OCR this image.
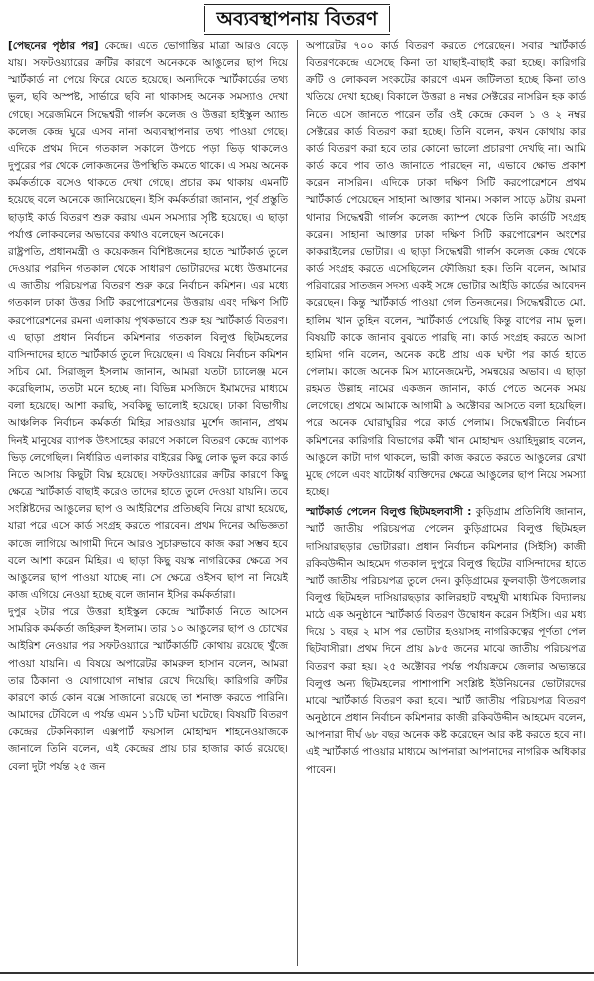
অব্যবস্থাপনায় বিতরণ

[পেছনের পৃষ্ঠার পর] কেন্দ্রে। এতে ভোগান্তির মাত্রা আরও বেড়ে যায়। সফটওয়্যারের ক্রটির কারণে অনেককে আঙুলের ছাপ দিয়ে স্মার্টকার্ড না পেয়ে ফিরে যেতে হয়েছে। অন্যদিকে স্মার্টকার্ডের তথ্য ভুল, ছবি অস্পষ্ট, সার্ভারে ছবি না থাকাসহ অনেক সমস্যাও দেখা গেছে। সরেজমিনে সিদ্ধেশ্বরী গার্লস কলেজ ও উত্তরা হাইস্কুল অ্যান্ড কলেজ কেন্দ্র ঘুরে এসব নানা অব্যবস্থাপনার তথ্য পাওয়া গেছে। এদিকে প্রথম দিনে গতকাল সকালে উপচে পড়া ভিড় থাকলেও দুপুরের পর থেকে লোকজনের উপস্থিতি কমতে থাকে। এ সময় অনেক কর্মকর্তাকে বসেও থাকতে দেখা গেছে। প্রচার কম থাকায় এমনটি হয়েছে বলে অনেকে জানিয়েছেন। ইসি কর্মকর্তারা জানান, পূর্ব প্রস্তুতি ছাড়াই কার্ড বিতরণ শুরু করায় এমন সমস্যার সৃষ্টি হয়েছে। এ ছাড়া পর্যাপ্ত লোকবলের অভাবের কথাও বলেছেন অনেকে।

রাষ্ট্রপতি, প্রধানমন্ত্রী ও কয়েকজন বিশিষ্টজনের হাতে স্মার্টকার্ড তুলে দেওয়ার পরদিন গতকাল থেকে সাধারণ ভোটারদের মধ্যে উত্তমানের এ জাতীয় পরিচয়পত্র বিতরণ শুরু করে নির্বাচন কমিশন। এর মধ্যে গতকাল ঢাকা উত্তর সিটি করপোরেশনের উত্তরায় এবং দক্ষিণ সিটি করপোরেশনের রমনা এলাকায় পৃথকভাবে শুরু হয় স্মার্টকার্ড বিতরণ। এ ছাড়া প্রধান নির্বাচন কমিশনার গতকাল বিলুপ্ত ছিটমহলের বাসিন্দাদের হাতে স্মার্টকার্ড তুলে দিয়েছেন। এ বিষয়ে নির্বাচন কমিশন সচিব মো. সিরাজুল ইসলাম জানান, আমরা যতটা চ্যালেঞ্জ মনে করেছিলাম, ততটা মনে হচ্ছে না। বিভিন্ন মসজিদে ইমামদের মাধ্যমে বলা হয়েছে। আশা করছি, সবকিছু ভালোই হয়েছে। ঢাকা বিভাগীয় আঞ্চলিক নির্বাচন কর্মকর্তা মিহির সারওয়ার মুর্শেদ জানান, প্রথম দিনই মানুষের ব্যাপক উৎসাহের কারণে সকালে বিতরণ কেন্দ্রে ব্যাপক ভিড় লেগেছিল। নির্ধারিত এলাকার বাইরের কিছু লোক ভুল করে কার্ড নিতে আসায় কিছুটা বিঘ্ন হয়েছে। সফটওয়্যারের ক্রটির কারণে কিছু ক্ষেত্রে স্মার্টকার্ড বাছাই করেও তাদের হাতে তুলে দেওয়া যায়নি। তবে সংশ্লিষ্টদের আঙুলের ছাপ ও আইরিশের প্রতিচ্ছবি নিয়ে রাখা হয়েছে, যারা পরে এসে কার্ড সংগ্রহ করতে পারবেন। প্রথম দিনের অভিজ্ঞতা কাজে লাগিয়ে আগামী দিনে আরও সুচারুভাবে কাজ করা সম্ভব হবে বলে আশা করেন মিহির। এ ছাড়া কিছু বয়স্ক নাগরিকের ক্ষেত্রে সব আঙুলের ছাপ পাওয়া যাচ্ছে না। সে ক্ষেত্রে ওইসব ছাপ না নিয়েই কাজ এগিয়ে নেওয়া হচ্ছে বলে জানান ইসির কর্মকর্তারা।

দুপুর ২টার পরে উত্তরা হাইস্কুল কেন্দ্রে স্মার্টকার্ড নিতে আসেন সামরিক কর্মকর্তা জহিরুল ইসলাম। তার ১০ আঙুলের ছাপ ও চোখের আইরিশ নেওয়ার পর সফটওয়্যারে স্মার্টকার্ডটি কোথায় রয়েছে খুঁজে পাওয়া যায়নি। এ বিষয়ে অপারেটর কামরুল হাসান বলেন, আমরা তার ঠিকানা ও যোগাযোগ নাম্বার রেখে দিয়েছি। কারিগরি ক্রটির কারণে কার্ড কোন বক্সে সাজানো রয়েছে তা শনাক্ত করতে পারিনি। আমাদের টেবিলে এ পর্যন্ত এমন ১১টি ঘটনা ঘটেছে। বিষয়টি বিতরণ কেন্দ্রের টেকনিক্যাল এক্সপার্ট ফয়সাল মোহাম্মদ শাহনেওয়াজকে জানালে তিনি বলেন, এই কেন্দ্রের প্রায় চার হাজার কার্ড রয়েছে। বেলা দুটা পর্যন্ত ২৫ জন

অপারেটর ৭০০ কার্ড বিতরণ করতে পেরেছেন। সবার স্মার্টকার্ড বিতরণকেন্দ্রে এসেছে কিনা তা যাছাই-বাছাই করা হচ্ছে। কারিগরি ক্রটি ও লোকবল সংকটের কারণে এমন জটিলতা হচ্ছে কিনা তাও খতিয়ে দেখা হচ্ছে। বিকালে উত্তরা ৪ নম্বর সেক্টরের নাসরিন হক কার্ড নিতে এসে জানতে পারেন তাঁর ওই কেন্দ্রে কেবল ১ ও ২ নম্বর সেক্টরের কার্ড বিতরণ করা হচ্ছে। তিনি বলেন, কখন কোথায় কার কার্ড বিতরণ করা হবে তার কোনো ভালো প্রচারণা দেখছি না। আমি কার্ড কবে পাব তাও জানাতে পারছেন না, এভাবে ক্ষোভ প্রকাশ করেন নাসরিন। এদিকে ঢাকা দক্ষিণ সিটি করপোরেশনে প্রথম স্মার্টকার্ড পেয়েছেন সাহানা আক্তার খানম। সকাল সাড়ে ৯টায় রমনা থানার সিদ্ধেশ্বরী গার্লস কলেজ ক্যাম্প থেকে তিনি কার্ডটি সংগ্রহ করেন। সাহানা আক্তার ঢাকা দক্ষিণ সিটি করপোরেশন অংশের কাকরাইলের ভোটার। এ ছাড়া সিদ্ধেশ্বরী গার্লস কলেজ কেন্দ্র থেকে কার্ড সংগ্রহ করতে এসেছিলেন ফৌজিয়া হক। তিনি বলেন, আমার পরিবারের সাতজন সদস্য একই সঙ্গে ভোটার আইডি কার্ডের আবেদন করেছেন। কিন্তু স্মার্টকার্ড পাওয়া গেল তিনজনের। সিদ্ধেশ্বরীতে মো. হালিম খান তুহিন বলেন, স্মার্টকার্ড পেয়েছি কিন্তু বাপের নাম ভুল। বিষয়টি কাকে জানাব বুঝতে পারছি না। কার্ড সংগ্রহ করতে আসা হামিদা গনি বলেন, অনেক কষ্টে প্রায় এক ঘণ্টা পর কার্ড হাতে পেলাম। কাজে অনেক মিস ম্যানেজমেন্ট, সমন্বয়ের অভাব। এ ছাড়া রহমত উল্লাহ নামের একজন জানান, কার্ড পেতে অনেক সময় লেগেছে। প্রথমে আমাকে আগামী ৯ অক্টোবর আসতে বলা হয়েছিল। পরে অনেক ঘোরাঘুরির পরে কার্ড পেলাম। সিদ্ধেশ্বরীতে নির্বাচন কমিশনের কারিগরি বিভাগের কর্মী খান মোহাম্মদ ওয়াহিদুল্লাহ বলেন, আঙুলে কাটা দাগ থাকলে, ভারী কাজ করতে করতে আঙুলের রেখা মুছে গেলে এবং ষাটোর্ধ্ব ব্যক্তিদের ক্ষেত্রে আঙুলের ছাপ নিয়ে সমস্যা হচ্ছে।

স্মার্টকার্ড পেলেন বিলুপ্ত ছিটমহলবাসী : কুড়িগ্রাম প্রতিনিধি জানান, স্মার্ট জাতীয় পরিচয়পত্র পেলেন কুড়িগ্রামের বিলুপ্ত ছিটমহল দাসিয়ারছড়ার ভোটাররা। প্রধান নির্বাচন কমিশনার (সিইসি) কাজী রকিবউদ্দীন আহমেদ গতকাল দুপুরে বিলুপ্ত ছিটের বাসিন্দাদের হাতে স্মার্ট জাতীয় পরিচয়পত্র তুলে দেন। কুড়িগ্রামের ফুলবাড়ী উপজেলার বিলুপ্ত ছিটমহল দাসিয়ারছড়ার কালিরহাট বহুমুখী মাধ্যমিক বিদ্যালয় মাঠে এক অনুষ্ঠানে স্মার্টকার্ড বিতরণ উদ্বোধন করেন সিইসি। এর মধ্য দিয়ে ১ বছর ২ মাস পর ভোটার হওয়াসহ নাগরিকত্বের পূর্ণতা পেল ছিটবাসীরা। প্রথম দিনে প্রায় ৯৮৫ জনের মাঝে জাতীয় পরিচয়পত্র বিতরণ করা হয়। ২৫ অক্টোবর পর্যন্ত পর্যায়ক্রমে জেলার অভ্যন্তরে বিলুপ্ত অন্য ছিটমহলের পাশাপাশি সংশ্লিষ্ট ইউনিয়নের ভোটারদের মাঝে স্মার্টকার্ড বিতরণ করা হবে। স্মার্ট জাতীয় পরিচয়পত্র বিতরণ অনুষ্ঠানে প্রধান নির্বাচন কমিশনার কাজী রকিবউদ্দীন আহমেদ বলেন, আপনারা দীর্ঘ ৬৮ বছর অনেক কষ্ট করেছেন আর কষ্ট করতে হবে না। এই স্মার্টকার্ড পাওয়ার মাধ্যমে আপনারা আপনাদের নাগরিক অধিকার পাবেন।
